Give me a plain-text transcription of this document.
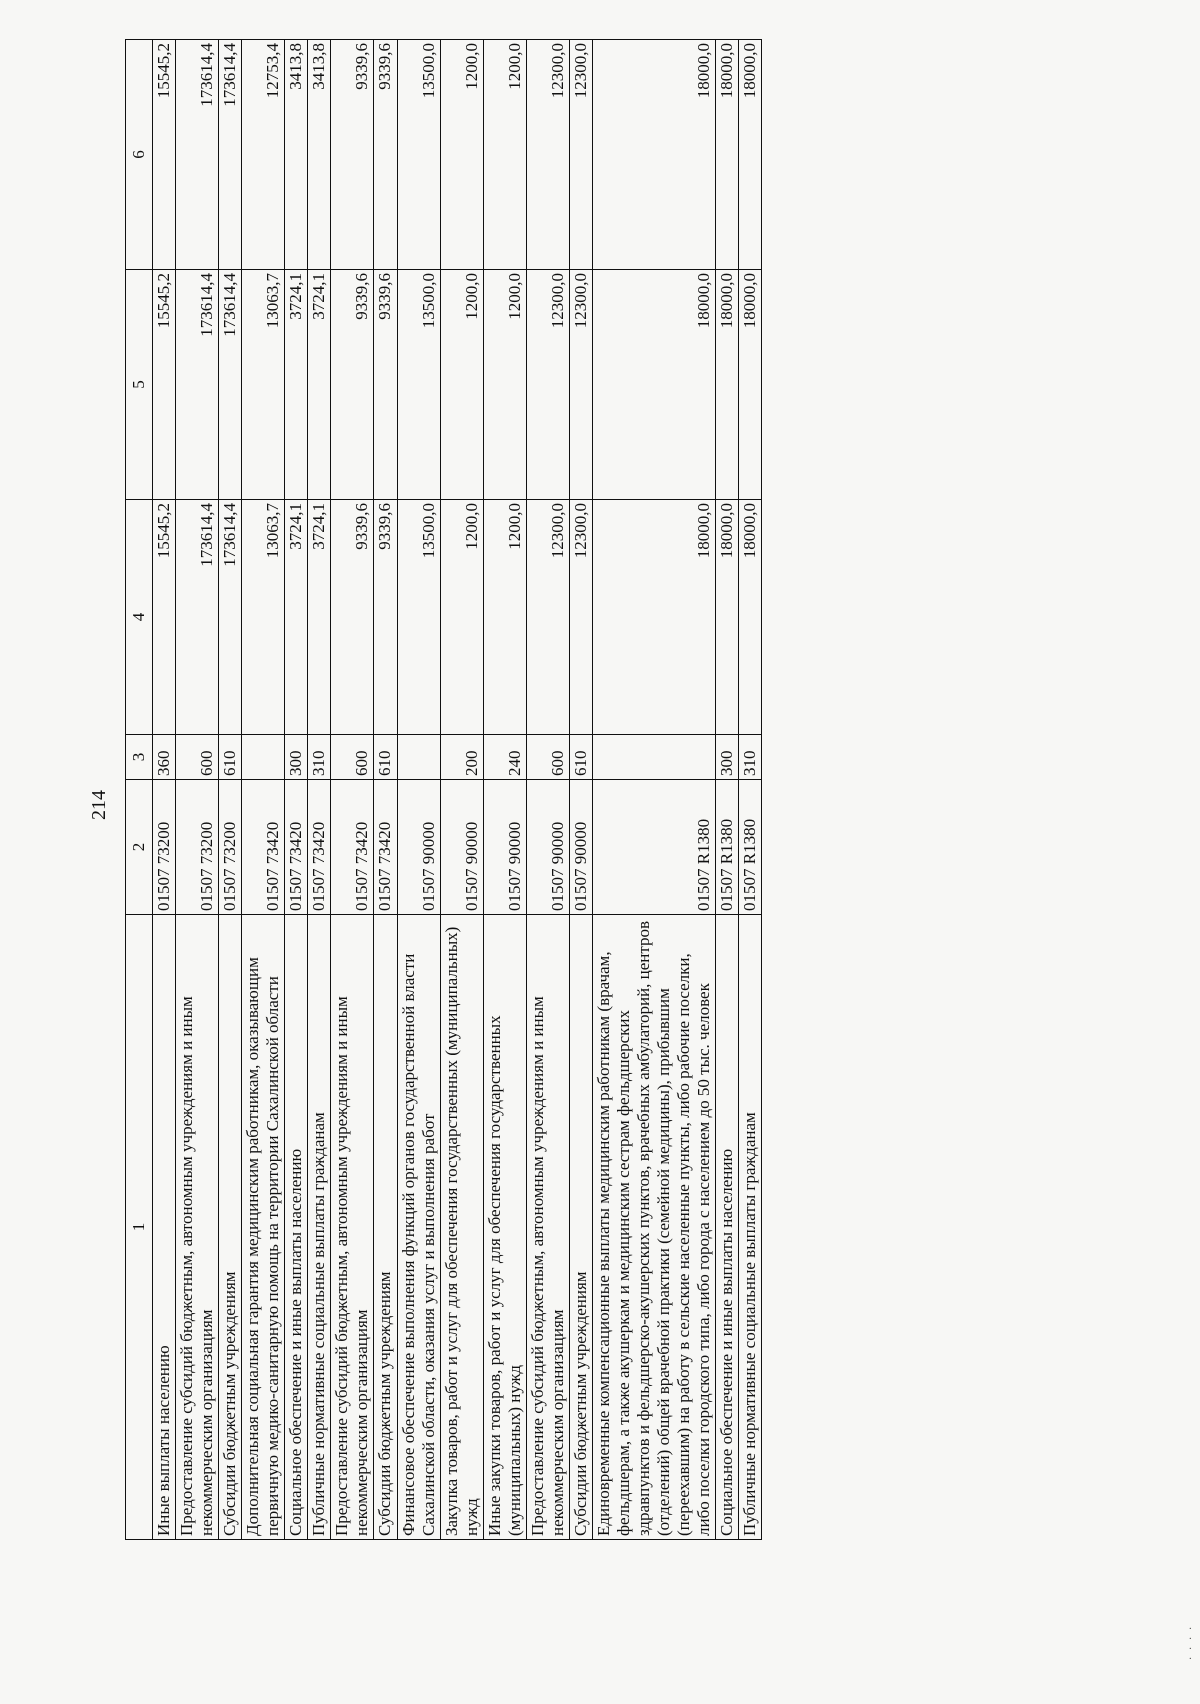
214
1	2	3	4	5	6
Иные выплаты населению	01507 73200	360	15545,2	15545,2	15545,2
Предоставление субсидий бюджетным, автономным учреждениям и иным некоммерческим организациям	01507 73200	600	173614,4	173614,4	173614,4
Субсидии бюджетным учреждениям	01507 73200	610	173614,4	173614,4	173614,4
Дополнительная социальная гарантия медицинским работникам, оказывающим первичную медико-санитарную помощь на территории Сахалинской области	01507 73420		13063,7	13063,7	12753,4
Социальное обеспечение и иные выплаты населению	01507 73420	300	3724,1	3724,1	3413,8
Публичные нормативные социальные выплаты гражданам	01507 73420	310	3724,1	3724,1	3413,8
Предоставление субсидий бюджетным, автономным учреждениям и иным некоммерческим организациям	01507 73420	600	9339,6	9339,6	9339,6
Субсидии бюджетным учреждениям	01507 73420	610	9339,6	9339,6	9339,6
Финансовое обеспечение выполнения функций органов государственной власти Сахалинской области, оказания услуг и выполнения работ	01507 90000		13500,0	13500,0	13500,0
Закупка товаров, работ и услуг для обеспечения государственных (муниципальных) нужд	01507 90000	200	1200,0	1200,0	1200,0
Иные закупки товаров, работ и услуг для обеспечения государственных (муниципальных) нужд	01507 90000	240	1200,0	1200,0	1200,0
Предоставление субсидий бюджетным, автономным учреждениям и иным некоммерческим организациям	01507 90000	600	12300,0	12300,0	12300,0
Субсидии бюджетным учреждениям	01507 90000	610	12300,0	12300,0	12300,0
Единовременные компенсационные выплаты медицинским работникам (врачам, фельдшерам, а также акушеркам и медицинским сестрам фельдшерских здравпунктов и фельдшерско-акушерских пунктов, врачебных амбулаторий, центров (отделений) общей врачебной практики (семейной медицины), прибывшим (переехавшим) на работу в сельские населенные пункты, либо рабочие поселки, либо поселки городского типа, либо города с населением до 50 тыс. человек	01507 R1380		18000,0	18000,0	18000,0
Социальное обеспечение и иные выплаты населению	01507 R1380	300	18000,0	18000,0	18000,0
Публичные нормативные социальные выплаты гражданам	01507 R1380	310	18000,0	18000,0	18000,0
·
·
·
·
